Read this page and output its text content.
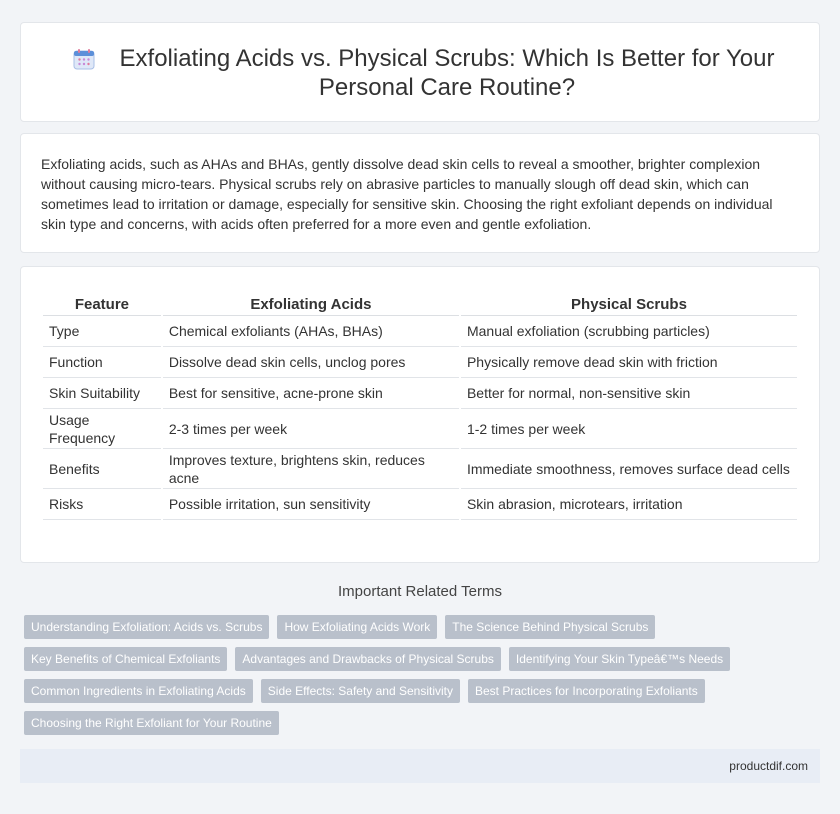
Exfoliating Acids vs. Physical Scrubs: Which Is Better for Your Personal Care Routine?

Exfoliating acids, such as AHAs and BHAs, gently dissolve dead skin cells to reveal a smoother, brighter complexion without causing micro-tears. Physical scrubs rely on abrasive particles to manually slough off dead skin, which can sometimes lead to irritation or damage, especially for sensitive skin. Choosing the right exfoliant depends on individual skin type and concerns, with acids often preferred for a more even and gentle exfoliation.

Feature	Exfoliating Acids	Physical Scrubs
Type	Chemical exfoliants (AHAs, BHAs)	Manual exfoliation (scrubbing particles)
Function	Dissolve dead skin cells, unclog pores	Physically remove dead skin with friction
Skin Suitability	Best for sensitive, acne-prone skin	Better for normal, non-sensitive skin
Usage Frequency	2-3 times per week	1-2 times per week
Benefits	Improves texture, brightens skin, reduces acne	Immediate smoothness, removes surface dead cells
Risks	Possible irritation, sun sensitivity	Skin abrasion, microtears, irritation
Important Related Terms
Understanding Exfoliation: Acids vs. Scrubs	How Exfoliating Acids Work	The Science Behind Physical Scrubs
Key Benefits of Chemical Exfoliants	Advantages and Drawbacks of Physical Scrubs	Identifying Your Skin Typeâ€™s Needs
Common Ingredients in Exfoliating Acids	Side Effects: Safety and Sensitivity	Best Practices for Incorporating Exfoliants
Choosing the Right Exfoliant for Your Routine
productdif.com
